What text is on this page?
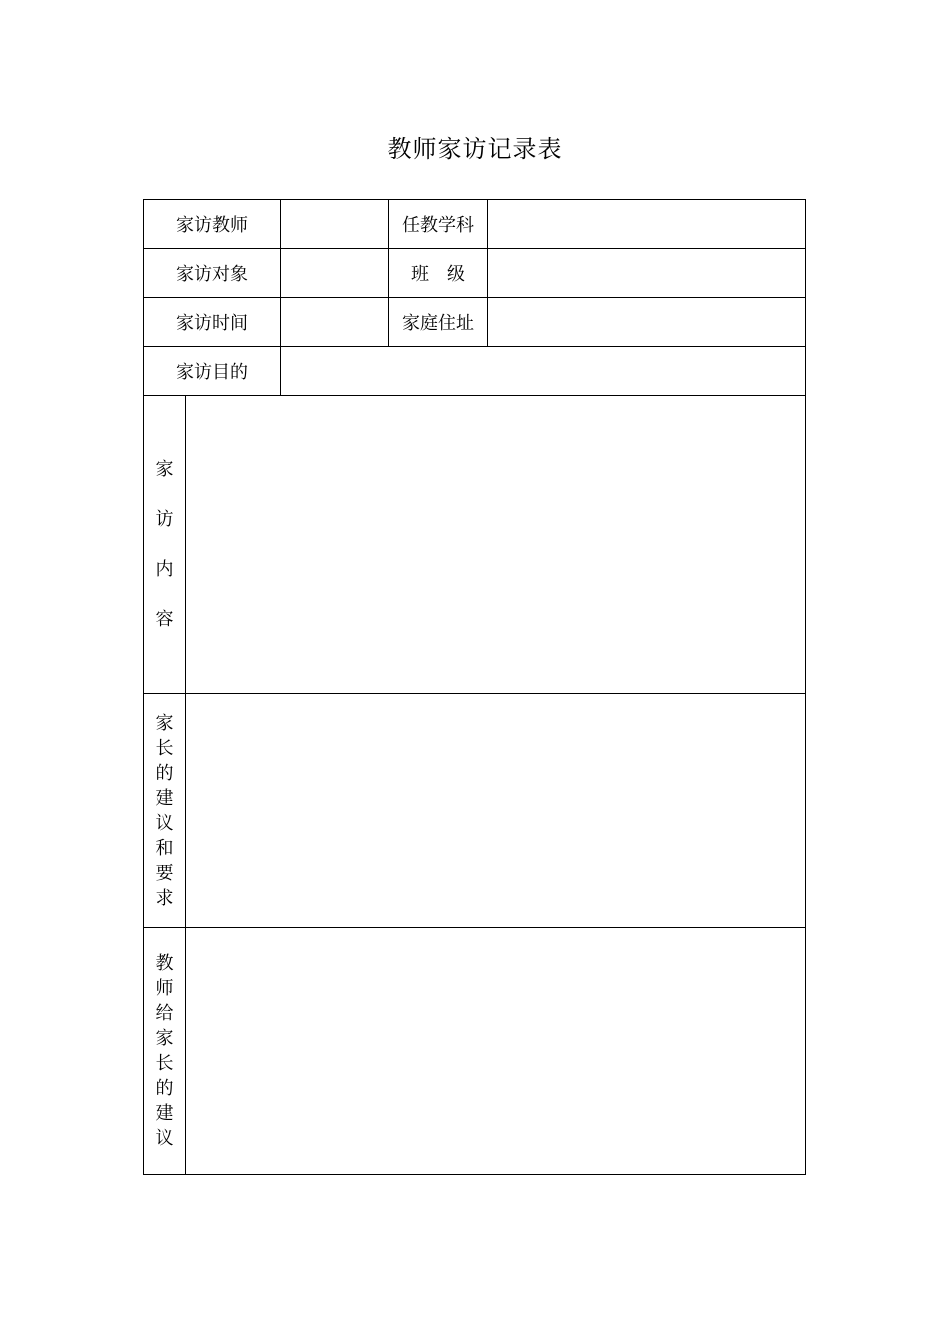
教师家访记录表
家访教师			任教学科	
家访对象			班　级	
家访时间			家庭住址	
家访目的				
家访内容				
家长的建议和要求				
教师给家长的建议				
